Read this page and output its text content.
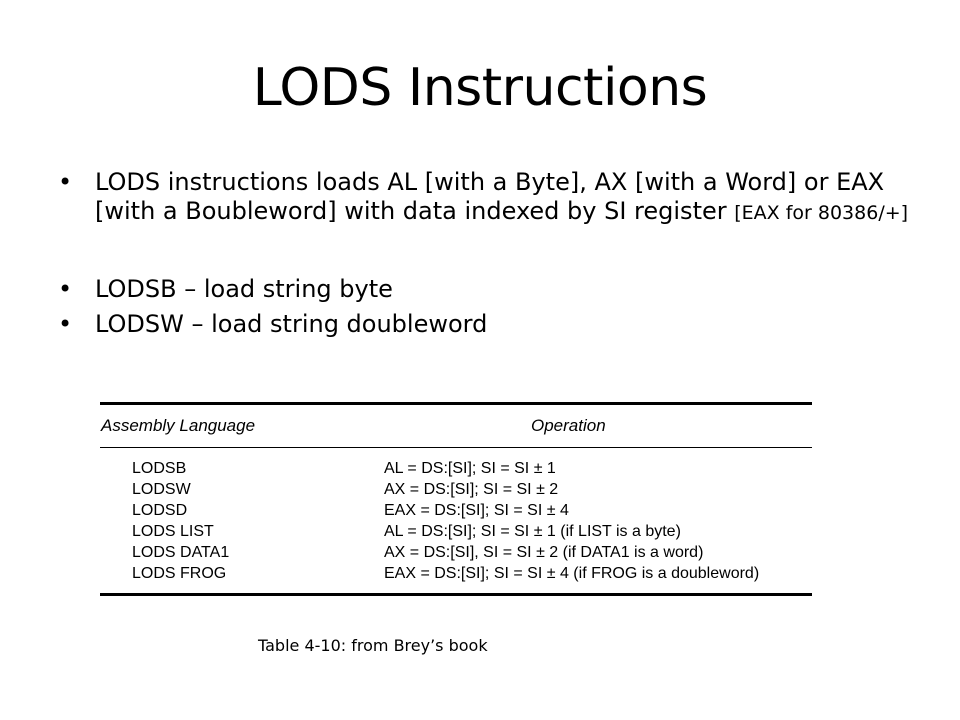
LODS Instructions
• LODS instructions loads AL [with a Byte], AX [with a Word] or EAX [with a Boubleword] with data indexed by SI register [EAX for 80386/+]
• LODSB – load string byte
• LODSW – load string doubleword
Assembly Language	Operation
LODSB	AL = DS:[SI]; SI = SI ± 1
LODSW	AX = DS:[SI]; SI = SI ± 2
LODSD	EAX = DS:[SI]; SI = SI ± 4
LODS LIST	AL = DS:[SI]; SI = SI ± 1 (if LIST is a byte)
LODS DATA1	AX = DS:[SI], SI = SI ± 2 (if DATA1 is a word)
LODS FROG	EAX = DS:[SI]; SI = SI ± 4 (if FROG is a doubleword)
Table 4-10: from Brey’s book
